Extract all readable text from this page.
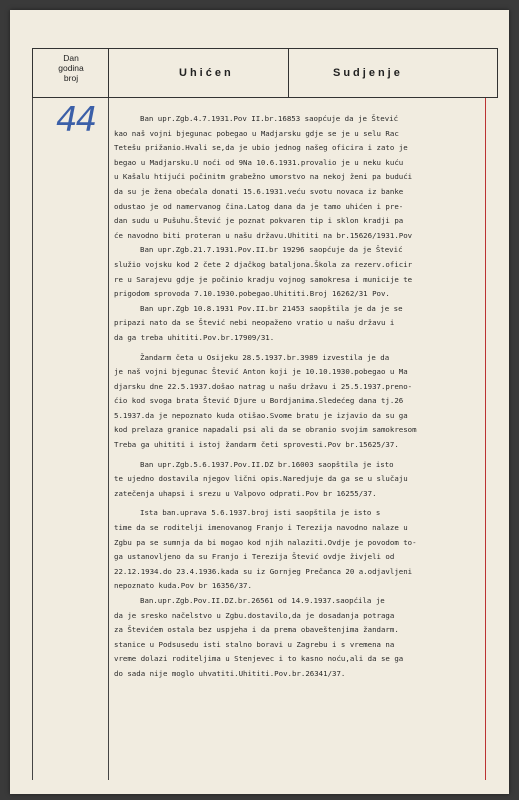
Dan
godina
broj	Uhićen	Sudjenje
44	Ban upr.Zgb.4.7.1931.Pov II.br.16853 saopćuje da je Štević
kao naš vojni bjegunac pobegao u Madjarsku gdje se je u selu Rac
Tetešu prižanio.Hvali se,da je ubio jednog našeg oficira i zato je
begao u Madjarsku.U noći od 9Na 10.6.1931.provalio je u neku kuću
u Kašalu htijući počinitm grabežno umorstvo na nekoj ženi pa budući
da su je žena obećala donati 15.6.1931.veću svotu novaca iz banke
odustao je od namervanog čina.Latog dana da je tamo uhićen i pre-
dan sudu u Pušuhu.Štević je poznat pokvaren tip i sklon kradji pa
će navodno biti proteran u našu državu.Uhititi na br.15626/1931.Pov
Ban upr.Zgb.21.7.1931.Pov.II.br 19296 saopćuje da je Štević
služio vojsku kod 2 čete 2 djačkog bataljona.Škola za rezerv.oficir
re u Sarajevu gdje je počinio kradju vojnog samokresa i municije te
prigodom sprovoda 7.10.1930.pobegao.Uhititi.Broj 16262/31 Pov.
Ban upr.Zgb 10.8.1931 Pov.II.br 21453 saopštila je da je se
pripazi nato da se Štević nebi neopaženo vratio u našu državu i
da ga treba uhititi.Pov.br.17909/31.
Žandarm četa u Osijeku 28.5.1937.br.3989 izvestila je da
je naš vojni bjegunac Štević Anton koji je 10.10.1930.pobegao u Ma
djarsku dne 22.5.1937.došao natrag u našu državu i 25.5.1937.preno-
ćio kod svoga brata Štević Djure u Bordjanima.Sledećeg dana tj.26
5.1937.da je nepoznato kuda otišao.Svome bratu je izjavio da su ga
kod prelaza granice napadali psi ali da se obranio svojim samokresom
Treba ga uhititi i istoj žandarm četi sprovesti.Pov br.15625/37.
Ban upr.Zgb.5.6.1937.Pov.II.DZ br.16003 saopštila je isto
te ujedno dostavila njegov lični opis.Naredjuje da ga se u slučaju
zatečenja uhapsi i srezu u Valpovo odprati.Pov br 16255/37.
Ista ban.uprava 5.6.1937.broj isti saopštila je isto s
time da se roditelji imenovanog Franjo i Terezija navodno nalaze u
Zgbu pa se sumnja da bi mogao kod njih nalaziti.Ovdje je povodom to-
ga ustanovljeno da su Franjo i Terezija Štević ovdje živjeli od
22.12.1934.do 23.4.1936.kada su iz Gornjeg Prečanca 20 a.odjavljeni
nepoznato kuda.Pov br 16356/37.
Ban.upr.Zgb.Pov.II.DZ.br.26561 od 14.9.1937.saopćila je
da je sresko načelstvo u Zgbu.dostavilo,da je dosadanja potraga
za Števićem ostala bez uspjeha i da prema obaveštenjima žandarm.
stanice u Podsusedu isti stalno boravi u Zagrebu i s vremena na
vreme dolazi roditeljima u Stenjevec i to kasno noću,ali da se ga
do sada nije moglo uhvatiti.Uhititi.Pov.br.26341/37.
